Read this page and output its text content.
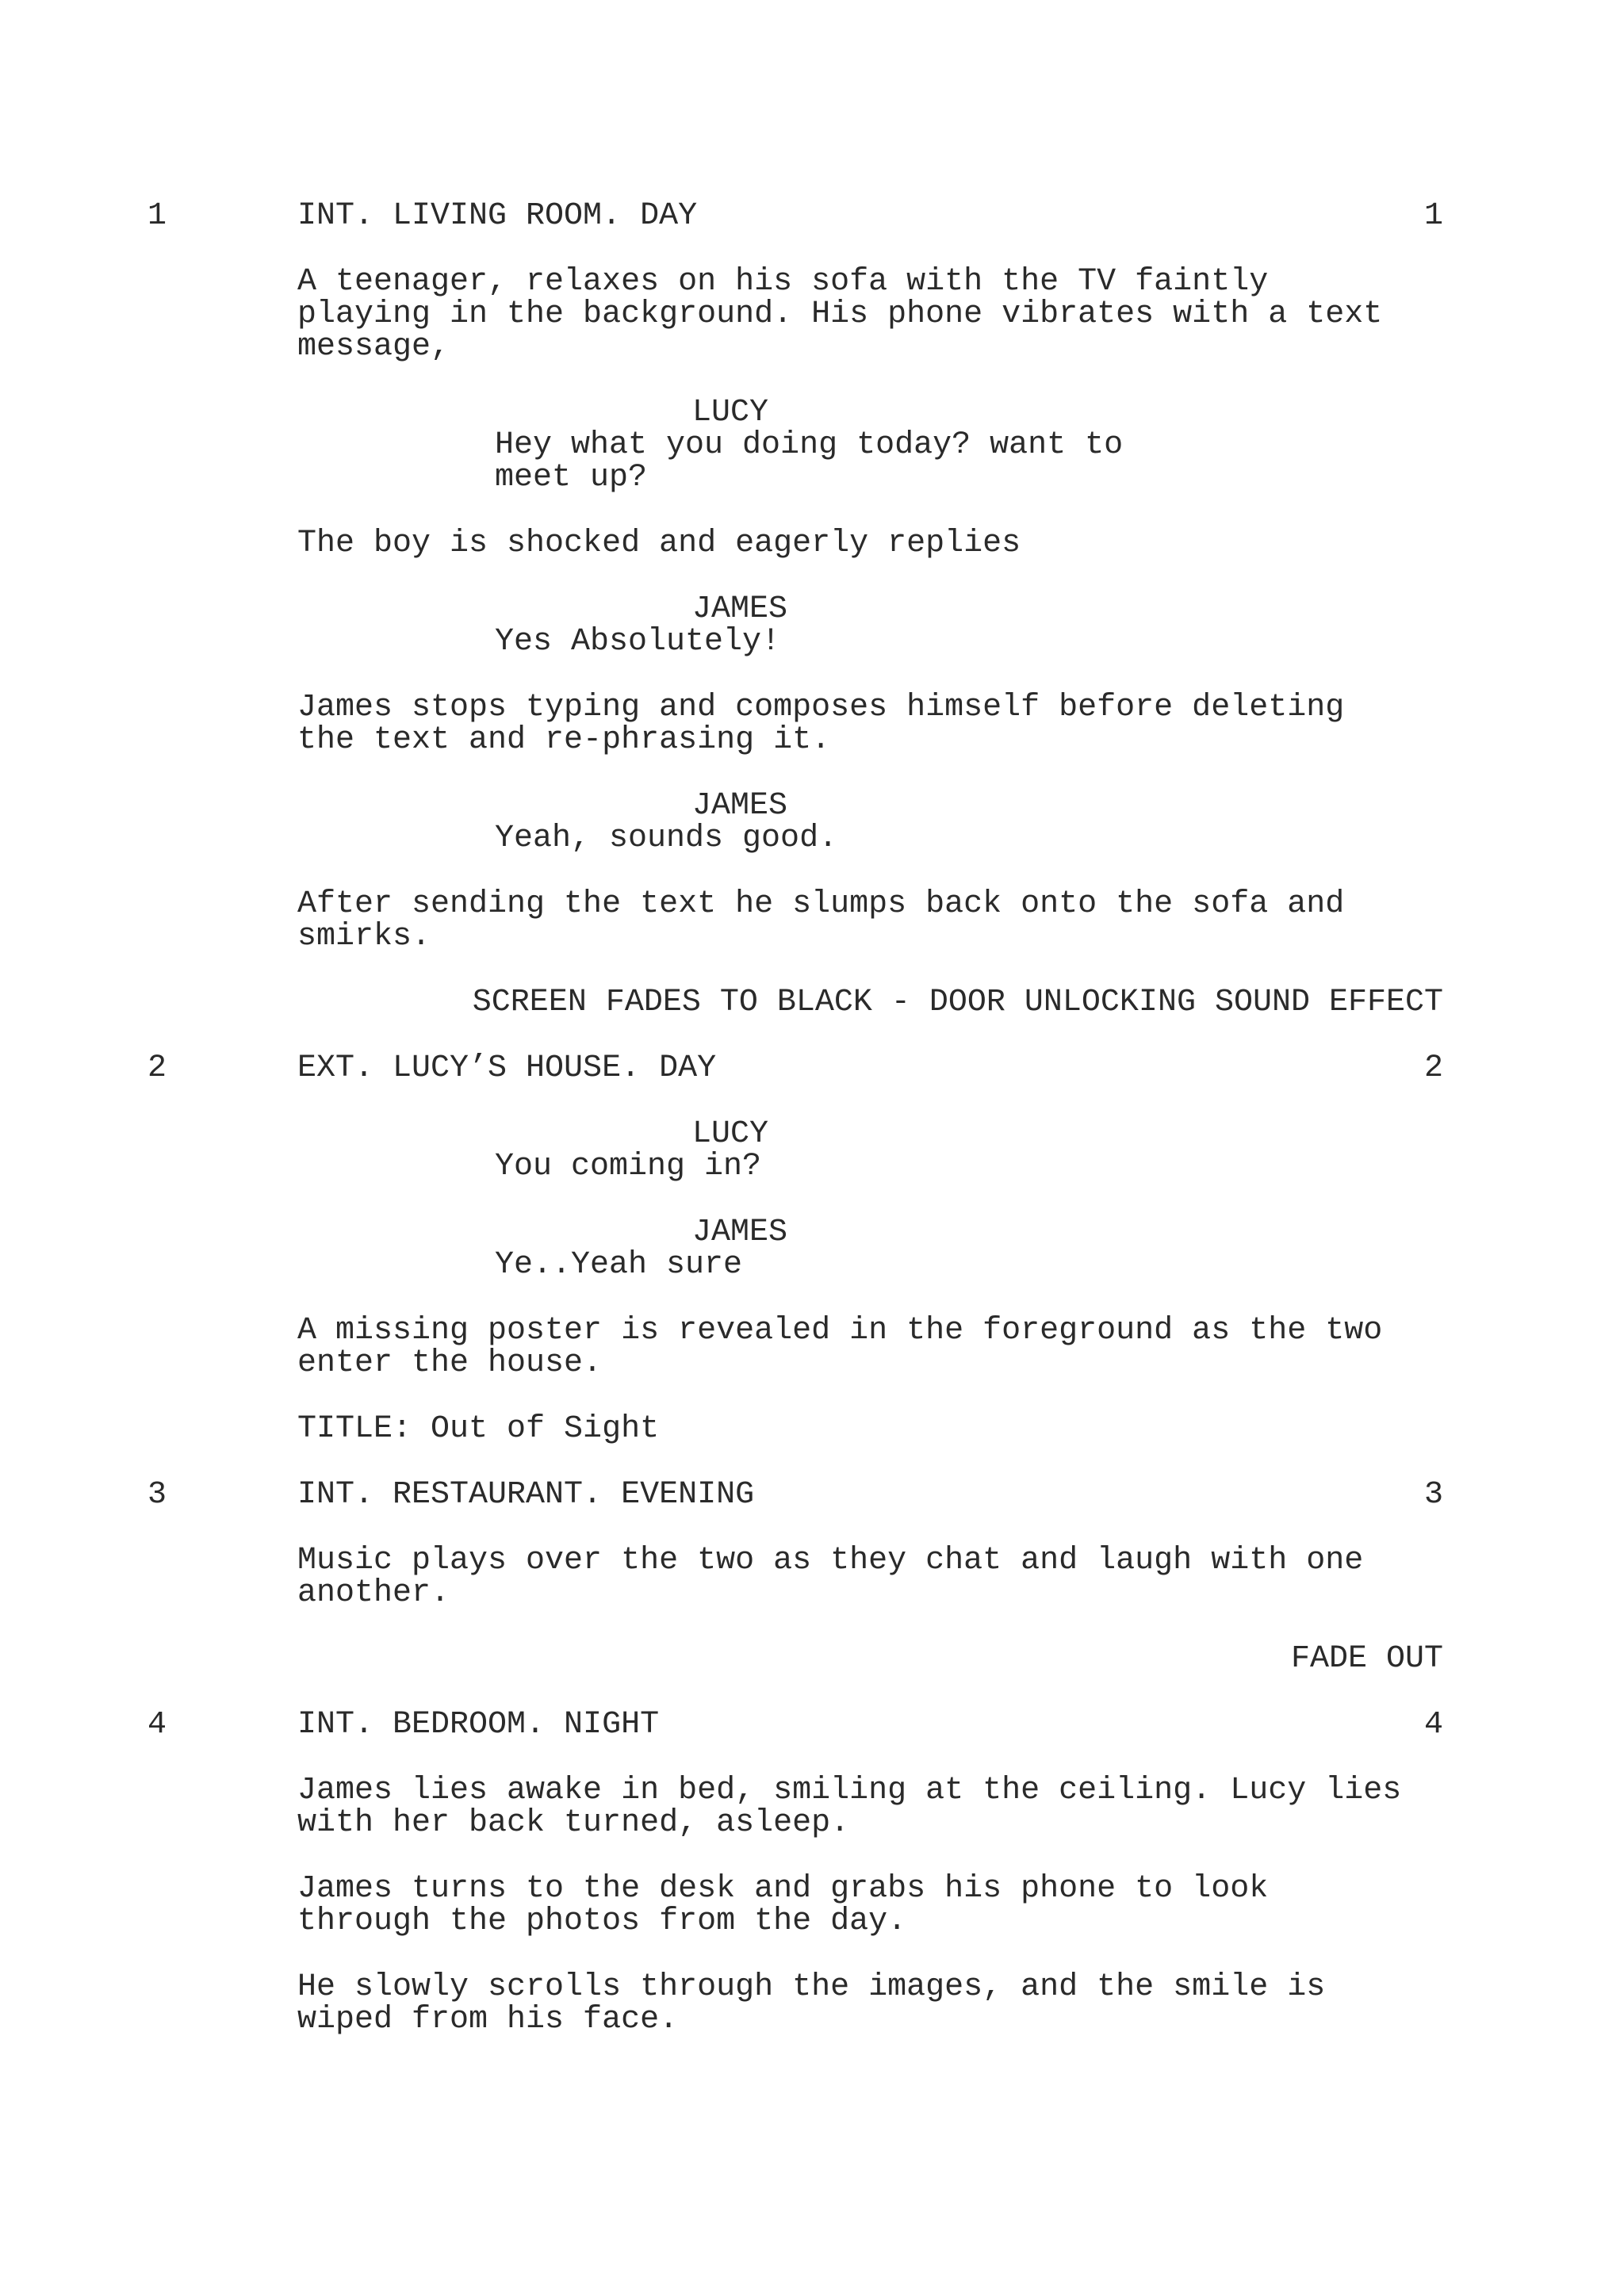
1	INT. LIVING ROOM. DAY	1
A teenager, relaxes on his sofa with the TV faintly
playing in the background. His phone vibrates with a text
message,
LUCY
Hey what you doing today? want to
meet up?
The boy is shocked and eagerly replies
JAMES
Yes Absolutely!
James stops typing and composes himself before deleting
the text and re-phrasing it.
JAMES
Yeah, sounds good.
After sending the text he slumps back onto the sofa and
smirks.
SCREEN FADES TO BLACK - DOOR UNLOCKING SOUND EFFECT
2	EXT. LUCY’S HOUSE. DAY	2
LUCY
You coming in?
JAMES
Ye..Yeah sure
A missing poster is revealed in the foreground as the two
enter the house.
TITLE: Out of Sight
3	INT. RESTAURANT. EVENING	3
Music plays over the two as they chat and laugh with one
another.
FADE OUT
4	INT. BEDROOM. NIGHT	4
James lies awake in bed, smiling at the ceiling. Lucy lies
with her back turned, asleep.
James turns to the desk and grabs his phone to look
through the photos from the day.
He slowly scrolls through the images, and the smile is
wiped from his face.
